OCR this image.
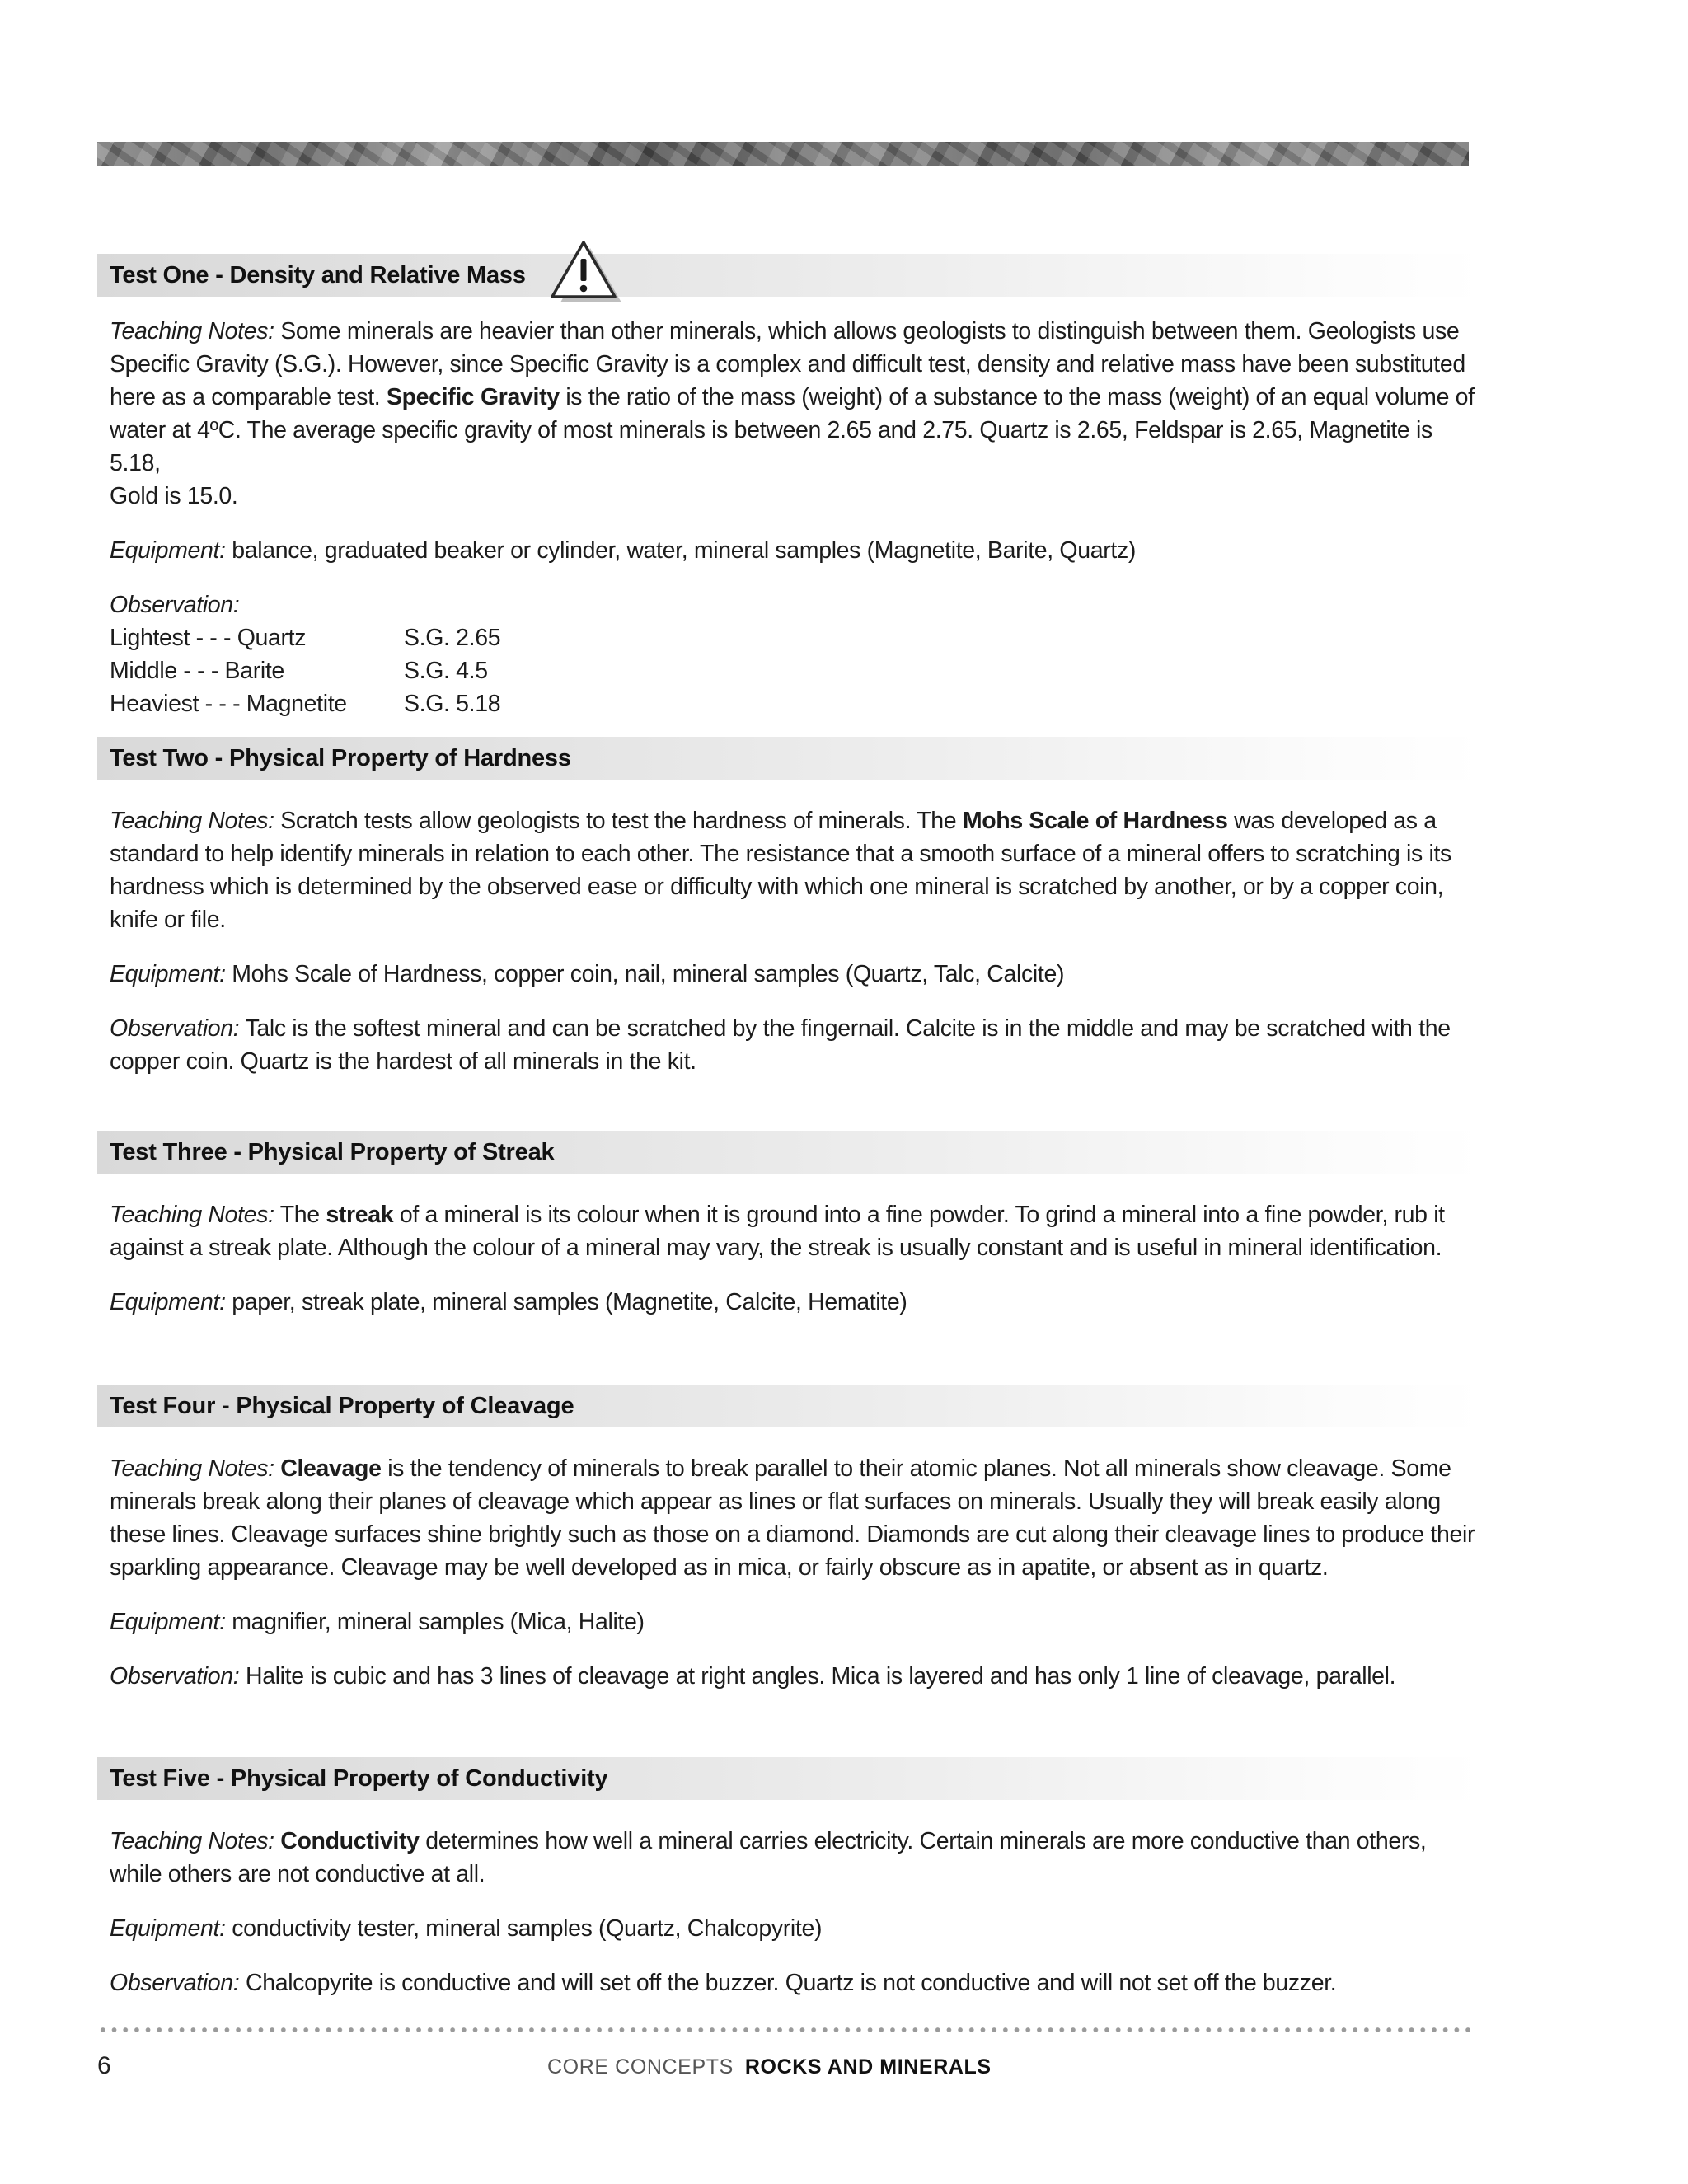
Test One - Density and Relative Mass

Teaching Notes: Some minerals are heavier than other minerals, which allows geologists to distinguish between them. Geologists use Specific Gravity (S.G.). However, since Specific Gravity is a complex and difficult test, density and relative mass have been substituted here as a comparable test. Specific Gravity is the ratio of the mass (weight) of a substance to the mass (weight) of an equal volume of water at 4ºC. The average specific gravity of most minerals is between 2.65 and 2.75. Quartz is 2.65, Feldspar is 2.65, Magnetite is 5.18,

Gold is 15.0.

Equipment: balance, graduated beaker or cylinder, water, mineral samples (Magnetite, Barite, Quartz)

Observation:

Lightest - - - Quartz	S.G. 2.65
Middle - - - Barite	S.G. 4.5
Heaviest - - - Magnetite	S.G. 5.18
Test Two - Physical Property of Hardness

Teaching Notes: Scratch tests allow geologists to test the hardness of minerals. The Mohs Scale of Hardness was developed as a standard to help identify minerals in relation to each other. The resistance that a smooth surface of a mineral offers to scratching is its hardness which is determined by the observed ease or difficulty with which one mineral is scratched by another, or by a copper coin, knife or file.

Equipment: Mohs Scale of Hardness, copper coin, nail, mineral samples (Quartz, Talc, Calcite)

Observation: Talc is the softest mineral and can be scratched by the fingernail. Calcite is in the middle and may be scratched with the copper coin. Quartz is the hardest of all minerals in the kit.

Test Three - Physical Property of Streak

Teaching Notes: The streak of a mineral is its colour when it is ground into a fine powder. To grind a mineral into a fine powder, rub it against a streak plate. Although the colour of a mineral may vary, the streak is usually constant and is useful in mineral identification.

Equipment: paper, streak plate, mineral samples (Magnetite, Calcite, Hematite)

Test Four - Physical Property of Cleavage

Teaching Notes: Cleavage is the tendency of minerals to break parallel to their atomic planes. Not all minerals show cleavage. Some minerals break along their planes of cleavage which appear as lines or flat surfaces on minerals. Usually they will break easily along these lines. Cleavage surfaces shine brightly such as those on a diamond. Diamonds are cut along their cleavage lines to produce their sparkling appearance. Cleavage may be well developed as in mica, or fairly obscure as in apatite, or absent as in quartz.

Equipment: magnifier, mineral samples (Mica, Halite)

Observation: Halite is cubic and has 3 lines of cleavage at right angles. Mica is layered and has only 1 line of cleavage, parallel.

Test Five - Physical Property of Conductivity

Teaching Notes: Conductivity determines how well a mineral carries electricity. Certain minerals are more conductive than others, while others are not conductive at all.

Equipment: conductivity tester, mineral samples (Quartz, Chalcopyrite)

Observation: Chalcopyrite is conductive and will set off the buzzer. Quartz is not conductive and will not set off the buzzer.

6	CORE CONCEPTS ROCKS AND MINERALS
